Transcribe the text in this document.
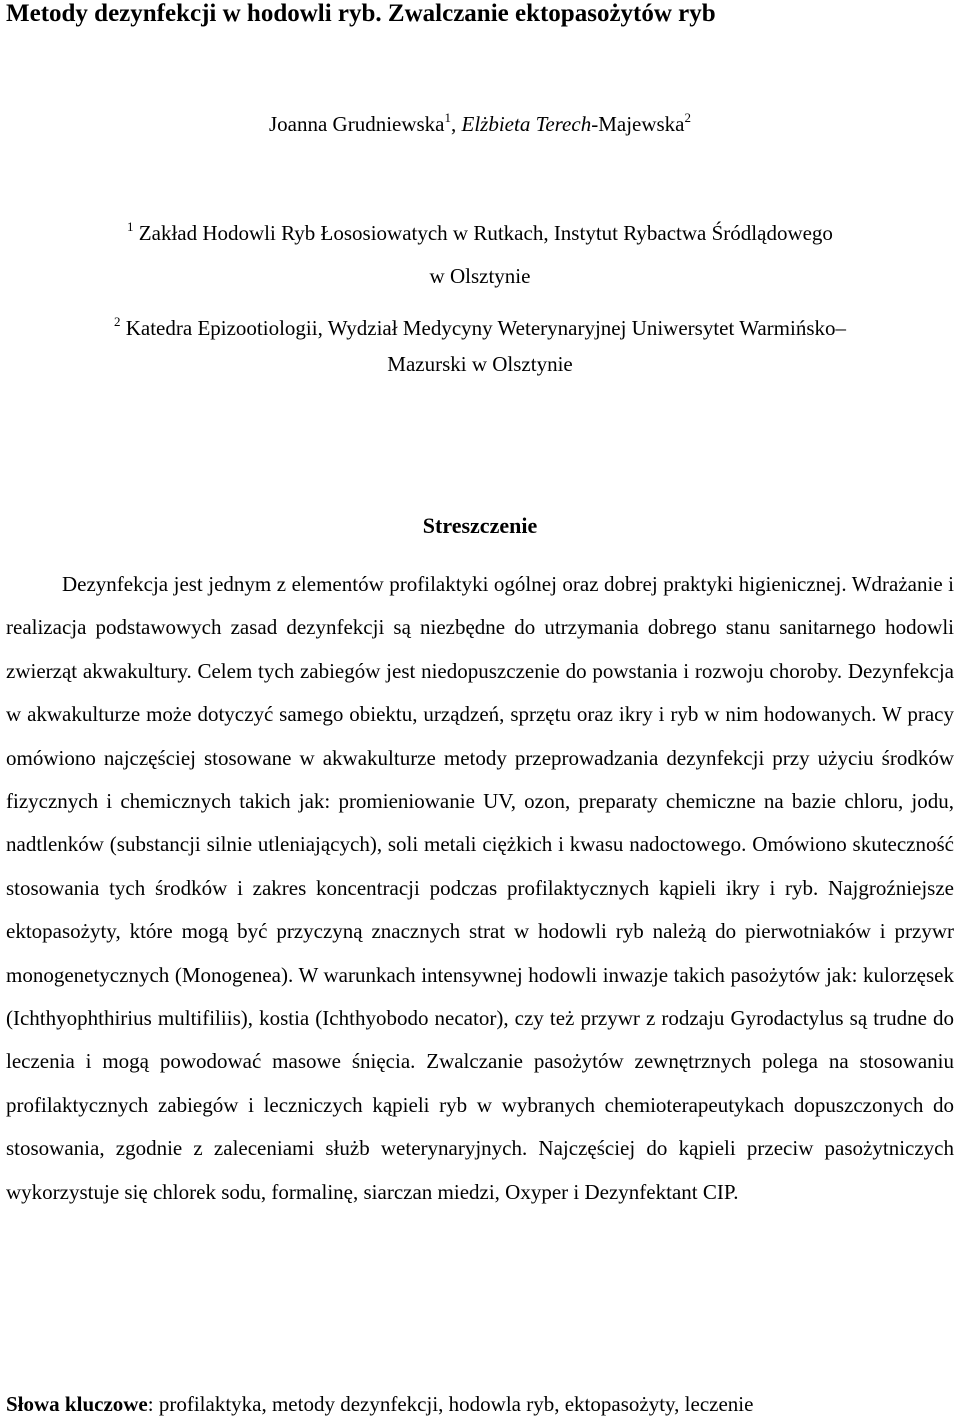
Metody dezynfekcji w hodowli ryb. Zwalczanie ektopasożytów ryb
Joanna Grudniewska$^1$, Elżbieta Terech-Majewska$^2$
$^1$ Zakład Hodowli Ryb Łososiowatych w Rutkach, Instytut Rybactwa Śródlądowego
w Olsztynie
$^2$ Katedra Epizootiologii, Wydział Medycyny Weterynaryjnej Uniwersytet Warmińsko–
Mazurski w Olsztynie
Streszczenie

Dezynfekcja jest jednym z elementów profilaktyki ogólnej oraz dobrej praktyki higienicznej. Wdrażanie i realizacja podstawowych zasad dezynfekcji są niezbędne do utrzymania dobrego stanu sanitarnego hodowli zwierząt akwakultury. Celem tych zabiegów jest niedopuszczenie do powstania i rozwoju choroby. Dezynfekcja w akwakulturze może dotyczyć samego obiektu, urządzeń, sprzętu oraz ikry i ryb w nim hodowanych. W pracy omówiono najczęściej stosowane w akwakulturze metody przeprowadzania dezynfekcji przy użyciu środków fizycznych i chemicznych takich jak: promieniowanie UV, ozon, preparaty chemiczne na bazie chloru, jodu, nadtlenków (substancji silnie utleniających), soli metali ciężkich i kwasu nadoctowego. Omówiono skuteczność stosowania tych środków i zakres koncentracji podczas profilaktycznych kąpieli ikry i ryb. Najgroźniejsze ektopasożyty, które mogą być przyczyną znacznych strat w hodowli ryb należą do pierwotniaków i przywr monogenetycznych (Monogenea). W warunkach intensywnej hodowli inwazje takich pasożytów jak: kulorzęsek (Ichthyophthirius multifiliis), kostia (Ichthyobodo necator), czy też przywr z rodzaju Gyrodactylus są trudne do leczenia i mogą powodować masowe śnięcia. Zwalczanie pasożytów zewnętrznych polega na stosowaniu profilaktycznych zabiegów i leczniczych kąpieli ryb w wybranych chemioterapeutykach dopuszczonych do stosowania, zgodnie z zaleceniami służb weterynaryjnych. Najczęściej do kąpieli przeciw pasożytniczych wykorzystuje się chlorek sodu, formalinę, siarczan miedzi, Oxyper i Dezynfektant CIP.

Słowa kluczowe: profilaktyka, metody dezynfekcji, hodowla ryb, ektopasożyty, leczenie
